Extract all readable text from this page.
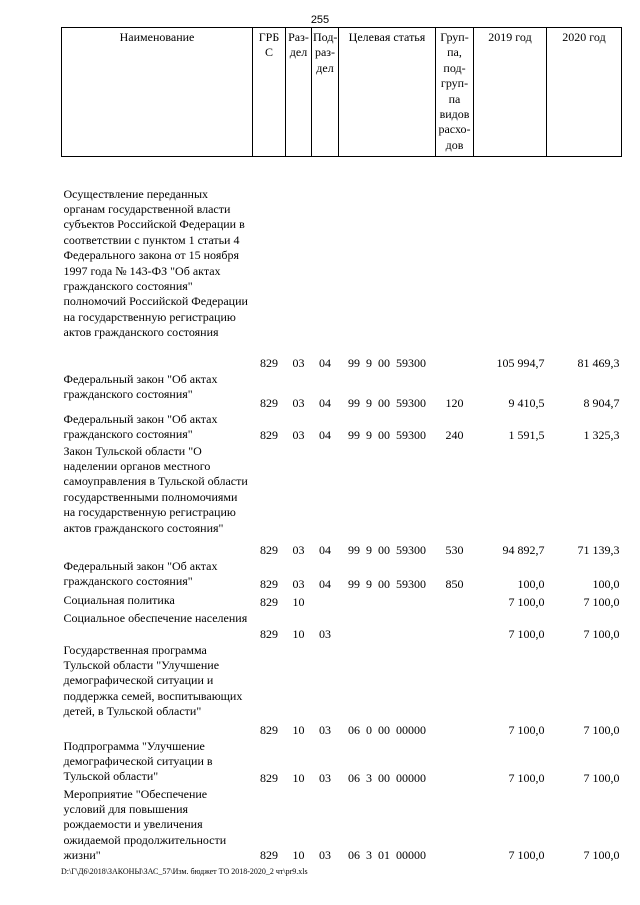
255
Наименование	ГРБ С	Раз- дел	Под- раз- дел	Целевая статья	Груп- па, под- груп- па видов расхо- дов	2019 год	2020 год

Осуществление переданных органам государственной власти субъектов Российской Федерации в соответствии с пунктом 1 статьи 4 Федерального закона от 15 ноября 1997 года № 143-ФЗ "Об актах гражданского состояния" полномочий Российской Федерации на государственную регистрацию актов гражданского состояния	829	03	04	99  9  00  59300		105 994,7	81 469,3
Федеральный закон "Об актах гражданского состояния"	829	03	04	99  9  00  59300	120	9 410,5	8 904,7
Федеральный закон "Об актах гражданского состояния"	829	03	04	99  9  00  59300	240	1 591,5	1 325,3
Закон Тульской области "О наделении органов местного самоуправления в Тульской области государственными полномочиями на государственную регистрацию актов гражданского состояния"	829	03	04	99  9  00  59300	530	94 892,7	71 139,3
Федеральный закон "Об актах гражданского состояния"	829	03	04	99  9  00  59300	850	100,0	100,0
Социальная политика	829	10				7 100,0	7 100,0
Социальное обеспечение населения	829	10	03			7 100,0	7 100,0
Государственная программа Тульской области "Улучшение демографической ситуации и поддержка семей, воспитывающих детей, в Тульской области"	829	10	03	06  0  00  00000		7 100,0	7 100,0
Подпрограмма "Улучшение демографической ситуации в Тульской области"	829	10	03	06  3  00  00000		7 100,0	7 100,0
Мероприятие "Обеспечение условий для повышения рождаемости и увеличения ожидаемой продолжительности жизни"	829	10	03	06  3  01  00000		7 100,0	7 100,0
D:\Г\Д6\2018\ЗАКОНЫ\ЗАС_57\Изм. бюджет ТО 2018-2020_2 чт\pr9.xls
